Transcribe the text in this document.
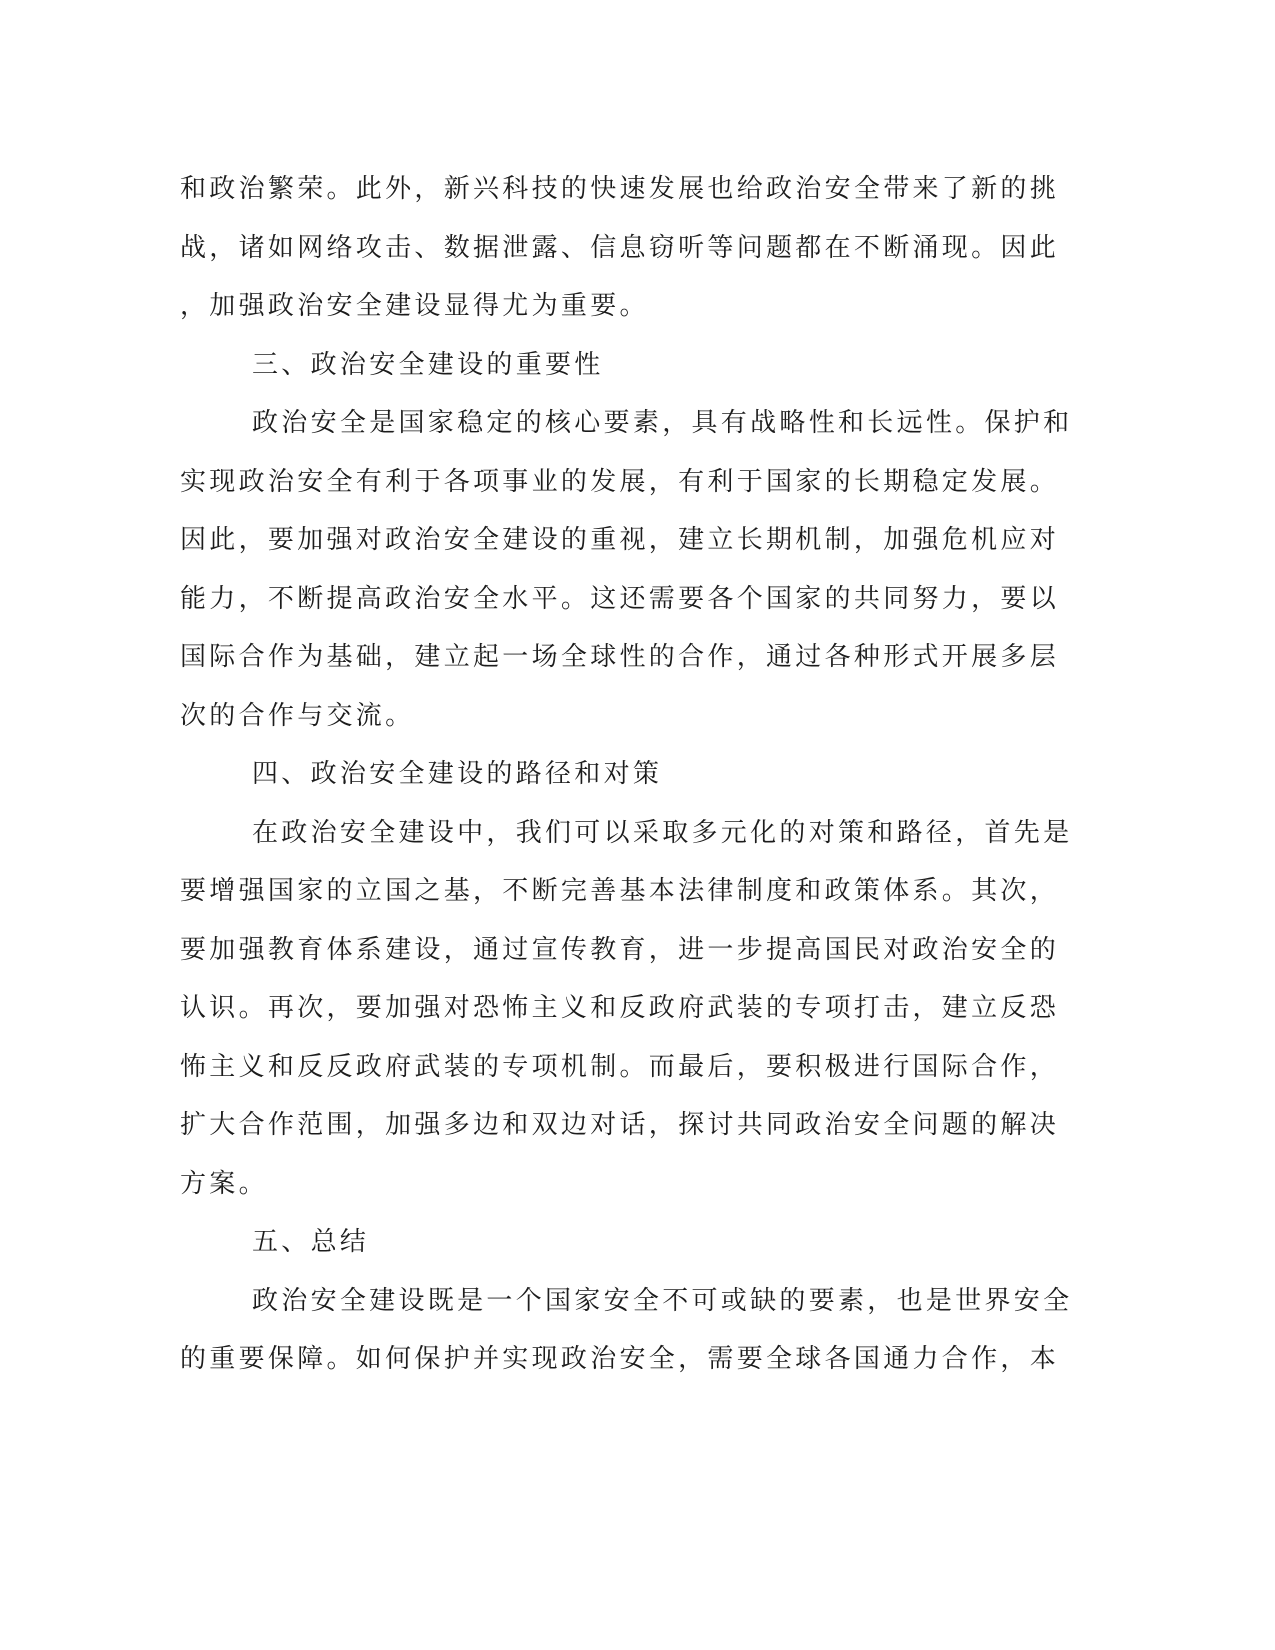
和政治繁荣。此外，新兴科技的快速发展也给政治安全带来了新的挑
战，诸如网络攻击、数据泄露、信息窃听等问题都在不断涌现。因此
，加强政治安全建设显得尤为重要。

三、政治安全建设的重要性

政治安全是国家稳定的核心要素，具有战略性和长远性。保护和
实现政治安全有利于各项事业的发展，有利于国家的长期稳定发展。
因此，要加强对政治安全建设的重视，建立长期机制，加强危机应对
能力，不断提高政治安全水平。这还需要各个国家的共同努力，要以
国际合作为基础，建立起一场全球性的合作，通过各种形式开展多层
次的合作与交流。

四、政治安全建设的路径和对策

在政治安全建设中，我们可以采取多元化的对策和路径，首先是
要增强国家的立国之基，不断完善基本法律制度和政策体系。其次，
要加强教育体系建设，通过宣传教育，进一步提高国民对政治安全的
认识。再次，要加强对恐怖主义和反政府武装的专项打击，建立反恐
怖主义和反反政府武装的专项机制。而最后，要积极进行国际合作，
扩大合作范围，加强多边和双边对话，探讨共同政治安全问题的解决
方案。

五、总结

政治安全建设既是一个国家安全不可或缺的要素，也是世界安全
的重要保障。如何保护并实现政治安全，需要全球各国通力合作，本
